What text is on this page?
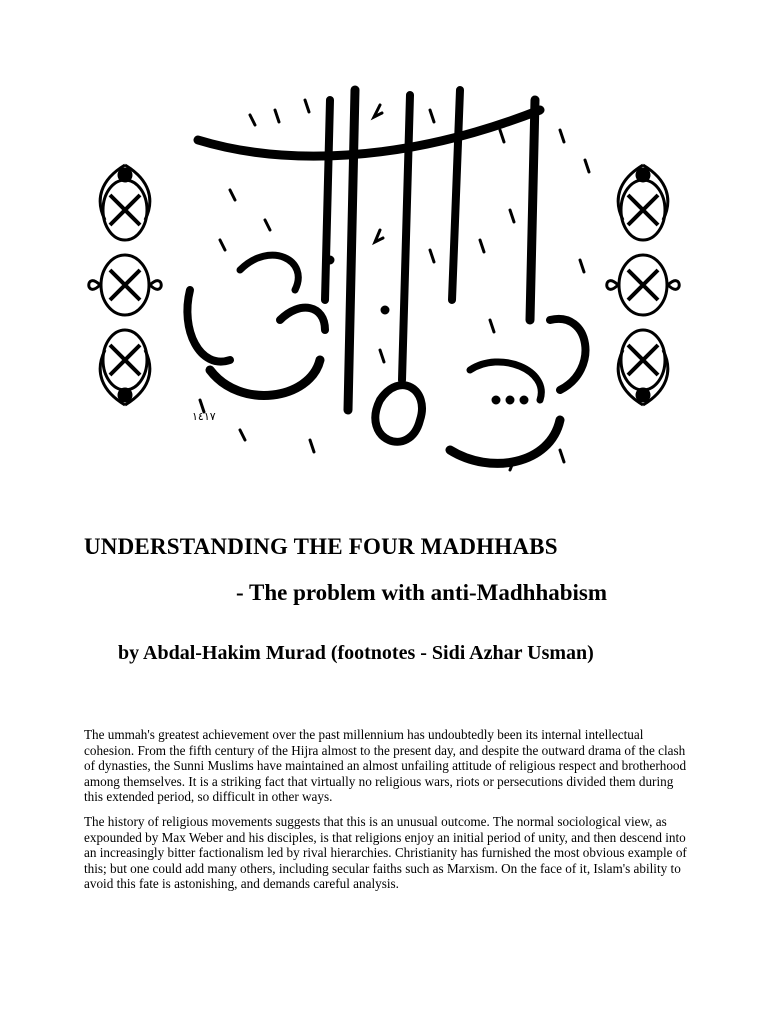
١٤١٧
UNDERSTANDING THE FOUR MADHHABS
- The problem with anti-Madhhabism
by Abdal-Hakim Murad (footnotes - Sidi Azhar Usman)

The ummah's greatest achievement over the past millennium has undoubtedly been its internal intellectual cohesion. From the fifth century of the Hijra almost to the present day, and despite the outward drama of the clash of dynasties, the Sunni Muslims have maintained an almost unfailing attitude of religious respect and brotherhood among themselves. It is a striking fact that virtually no religious wars, riots or persecutions divided them during this extended period, so difficult in other ways.

The history of religious movements suggests that this is an unusual outcome. The normal sociological view, as expounded by Max Weber and his disciples, is that religions enjoy an initial period of unity, and then descend into an increasingly bitter factionalism led by rival hierarchies. Christianity has furnished the most obvious example of this; but one could add many others, including secular faiths such as Marxism. On the face of it, Islam's ability to avoid this fate is astonishing, and demands careful analysis.
